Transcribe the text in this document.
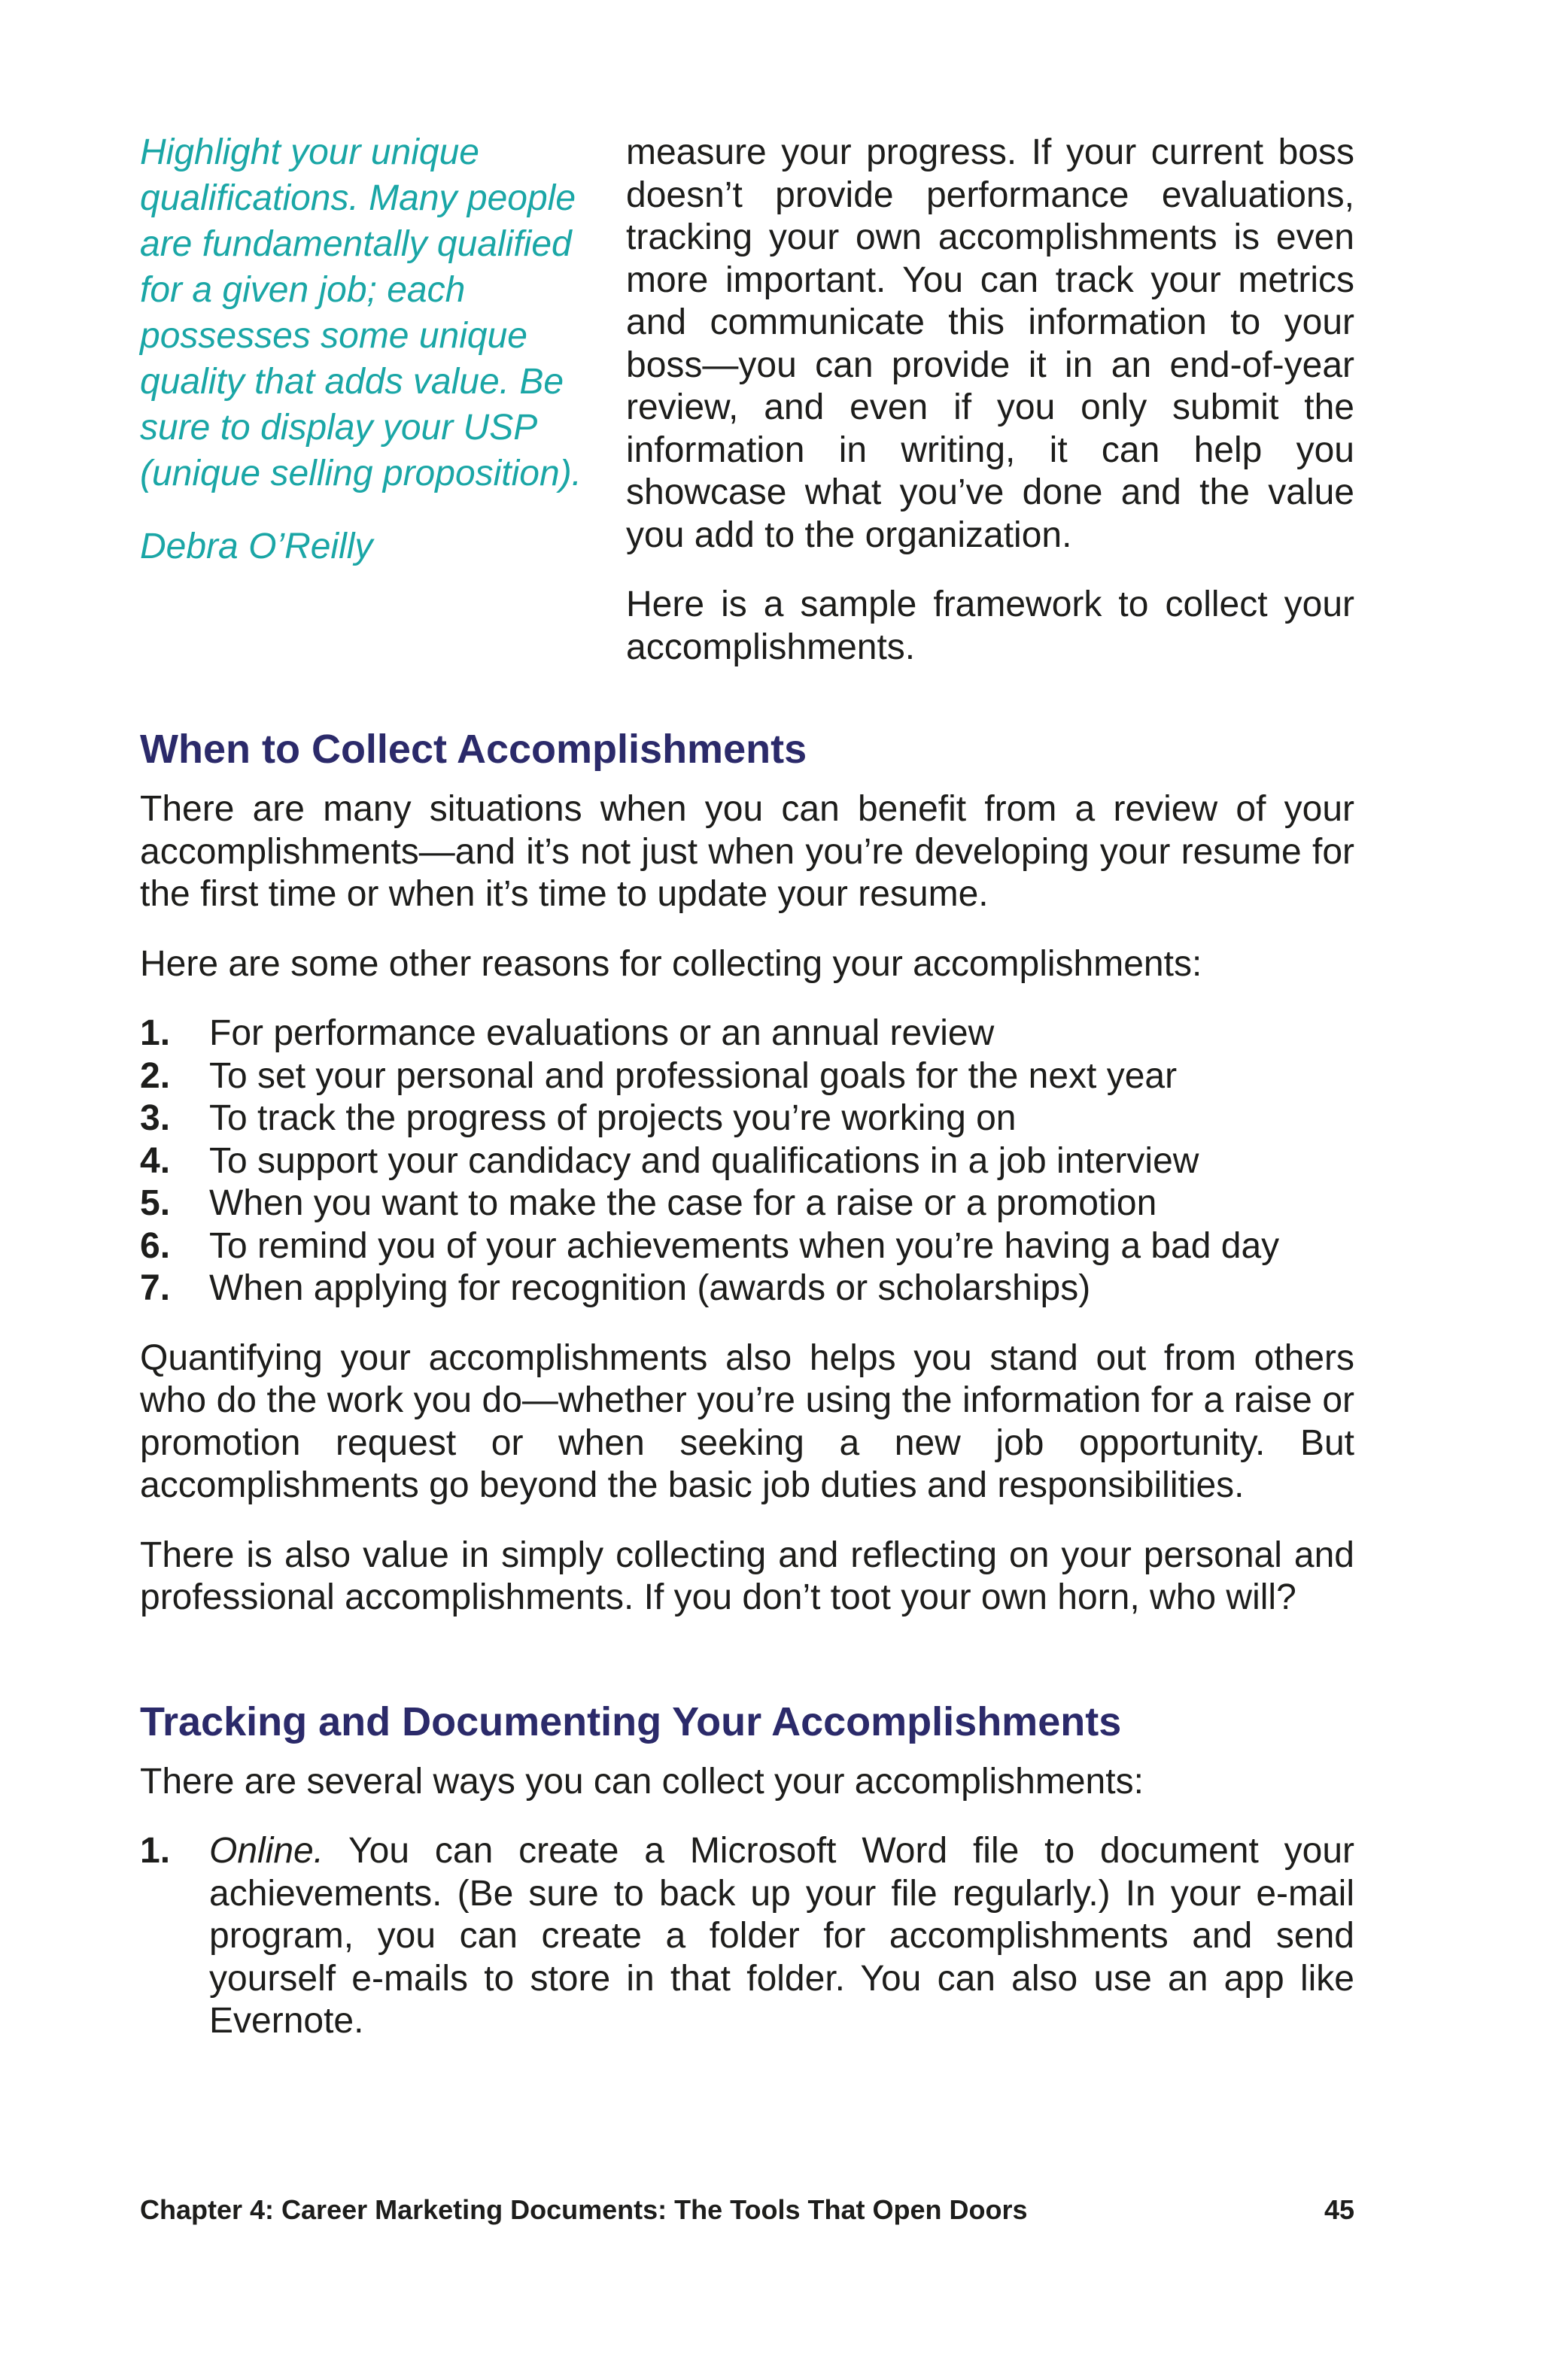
Highlight your unique qualifications. Many people are fundamentally qualified for a given job; each possesses some unique quality that adds value. Be sure to display your USP (unique selling proposition).

Debra O’Reilly

measure your progress. If your current boss doesn’t provide performance evaluations, tracking your own accomplishments is even more important. You can track your metrics and communicate this information to your boss—you can provide it in an end-of-year review, and even if you only submit the information in writing, it can help you showcase what you’ve done and the value you add to the organization.

Here is a sample framework to collect your accomplishments.

When to Collect Accomplishments

There are many situations when you can benefit from a review of your accomplishments—and it’s not just when you’re developing your resume for the first time or when it’s time to update your resume.

Here are some other reasons for collecting your accomplishments:

1. For performance evaluations or an annual review
2. To set your personal and professional goals for the next year
3. To track the progress of projects you’re working on
4. To support your candidacy and qualifications in a job interview
5. When you want to make the case for a raise or a promotion
6. To remind you of your achievements when you’re having a bad day
7. When applying for recognition (awards or scholarships)

Quantifying your accomplishments also helps you stand out from others who do the work you do—whether you’re using the information for a raise or promotion request or when seeking a new job opportunity. But accomplishments go beyond the basic job duties and responsibilities.

There is also value in simply collecting and reflecting on your personal and professional accomplishments. If you don’t toot your own horn, who will?

Tracking and Documenting Your Accomplishments

There are several ways you can collect your accomplishments:

1. Online. You can create a Microsoft Word file to document your achievements. (Be sure to back up your file regularly.) In your e-mail program, you can create a folder for accomplishments and send yourself e-mails to store in that folder. You can also use an app like Evernote.
Chapter 4: Career Marketing Documents: The Tools That Open Doors	45
